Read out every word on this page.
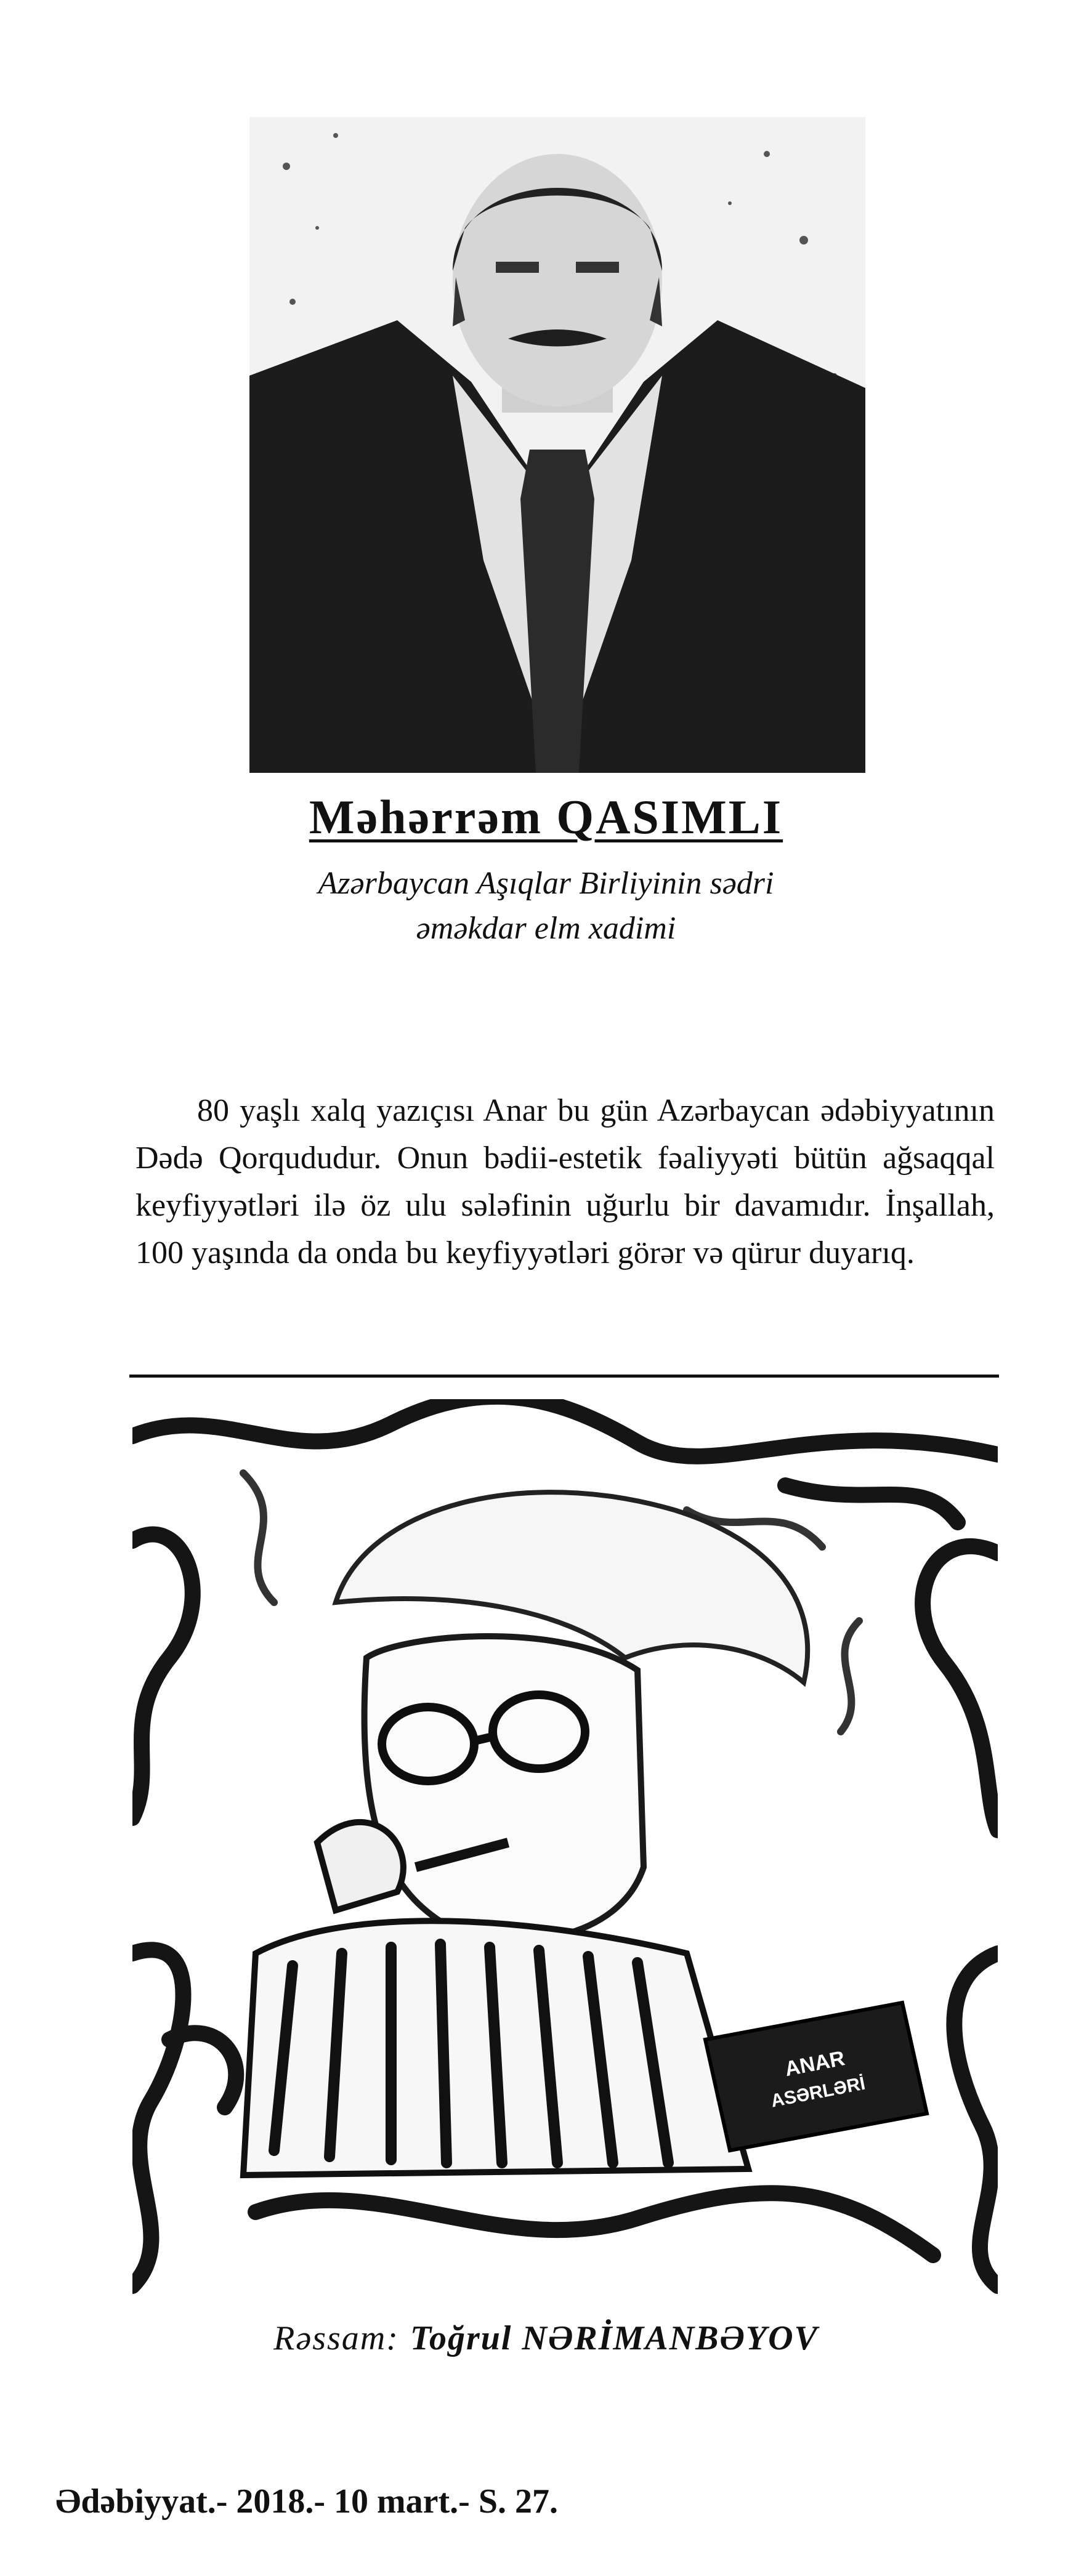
Məhərrəm QASIMLI
Azərbaycan Aşıqlar Birliyinin sədri
əməkdar elm xadimi

80 yaşlı xalq yazıçısı Anar bu gün Azərbaycan ədəbiyyatının Dədə Qorqududur. Onun bədii-estetik fəaliyyəti bütün ağsaqqal keyfiyyətləri ilə öz ulu sələfinin uğurlu bir davamıdır. İnşallah, 100 yaşında da onda bu keyfiyyətləri görər və qürur duyarıq.

ANAR
ASƏRLƏRİ
Rəssam: Toğrul NƏRİMANBƏYOV
Ədəbiyyat.- 2018.- 10 mart.- S. 27.
